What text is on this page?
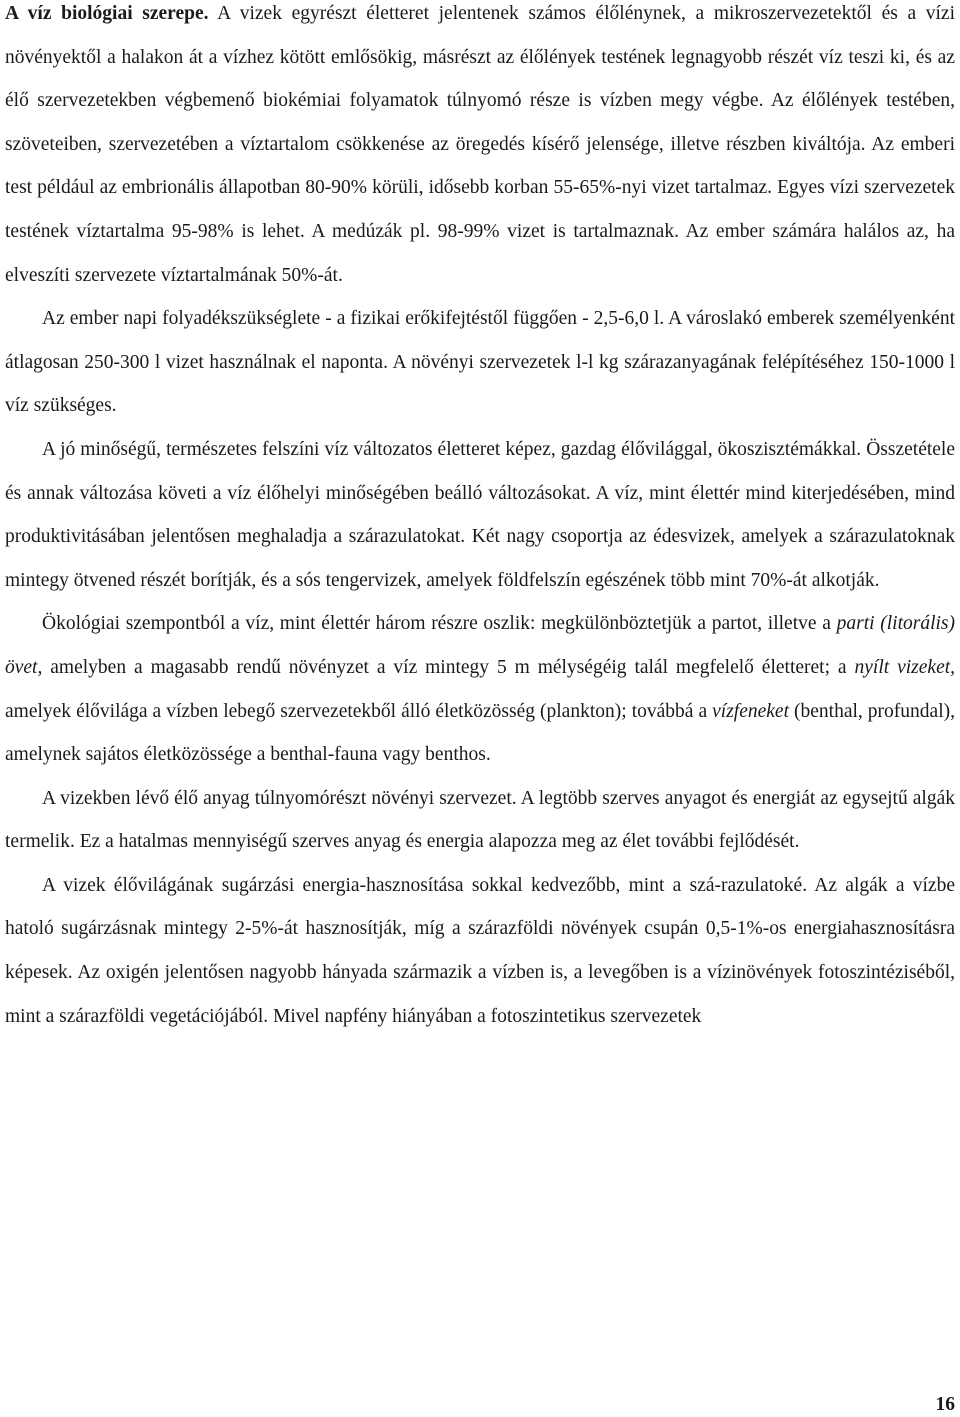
A víz biológiai szerepe. A vizek egyrészt életteret jelentenek számos élőlénynek, a mikroszervezetektől és a vízi növényektől a halakon át a vízhez kötött emlősökig, másrészt az élőlények testének legnagyobb részét víz teszi ki, és az élő szervezetekben végbemenő biokémiai folyamatok túlnyomó része is vízben megy végbe. Az élőlények testében, szöveteiben, szervezetében a víztartalom csökkenése az öregedés kísérő jelensége, illetve részben kiváltója. Az emberi test például az embrionális állapotban 80-90% körüli, idősebb korban 55-65%-nyi vizet tartalmaz. Egyes vízi szervezetek testének víztartalma 95-98% is lehet. A medúzák pl. 98-99% vizet is tartalmaznak. Az ember számára halálos az, ha elveszíti szervezete víztartalmának 50%-át.

Az ember napi folyadékszükséglete - a fizikai erőkifejtéstől függően - 2,5-6,0 l. A városlakó emberek személyenként átlagosan 250-300 l vizet használnak el naponta. A növényi szervezetek l-l kg szárazanyagának felépítéséhez 150-1000 l víz szükséges.

A jó minőségű, természetes felszíni víz változatos életteret képez, gazdag élővilággal, ökoszisztémákkal. Összetétele és annak változása követi a víz élőhelyi minőségében beálló változásokat. A víz, mint élettér mind kiterjedésében, mind produktivitásában jelentősen meghaladja a szárazulatokat. Két nagy csoportja az édesvizek, amelyek a szárazulatoknak mintegy ötvened részét borítják, és a sós tengervizek, amelyek földfelszín egészének több mint 70%-át alkotják.

Ökológiai szempontból a víz, mint élettér három részre oszlik: megkülönböztetjük a partot, illetve a parti (litorális) övet, amelyben a magasabb rendű növényzet a víz mintegy 5 m mélységéig talál megfelelő életteret; a nyílt vizeket, amelyek élővilága a vízben lebegő szervezetekből álló életközösség (plankton); továbbá a vízfeneket (benthal, profundal), amelynek sajátos életközössége a benthal-fauna vagy benthos.

A vizekben lévő élő anyag túlnyomórészt növényi szervezet. A legtöbb szerves anyagot és energiát az egysejtű algák termelik. Ez a hatalmas mennyiségű szerves anyag és energia alapozza meg az élet további fejlődését.

A vizek élővilágának sugárzási energia-hasznosítása sokkal kedvezőbb, mint a szá-razulatoké. Az algák a vízbe hatoló sugárzásnak mintegy 2-5%-át hasznosítják, míg a szárazföldi növények csupán 0,5-1%-os energiahasznosításra képesek. Az oxigén jelentősen nagyobb hányada származik a vízben is, a levegőben is a vízinövények fotoszintéziséből, mint a szárazföldi vegetációjából. Mivel napfény hiányában a fotoszintetikus szervezetek

16
